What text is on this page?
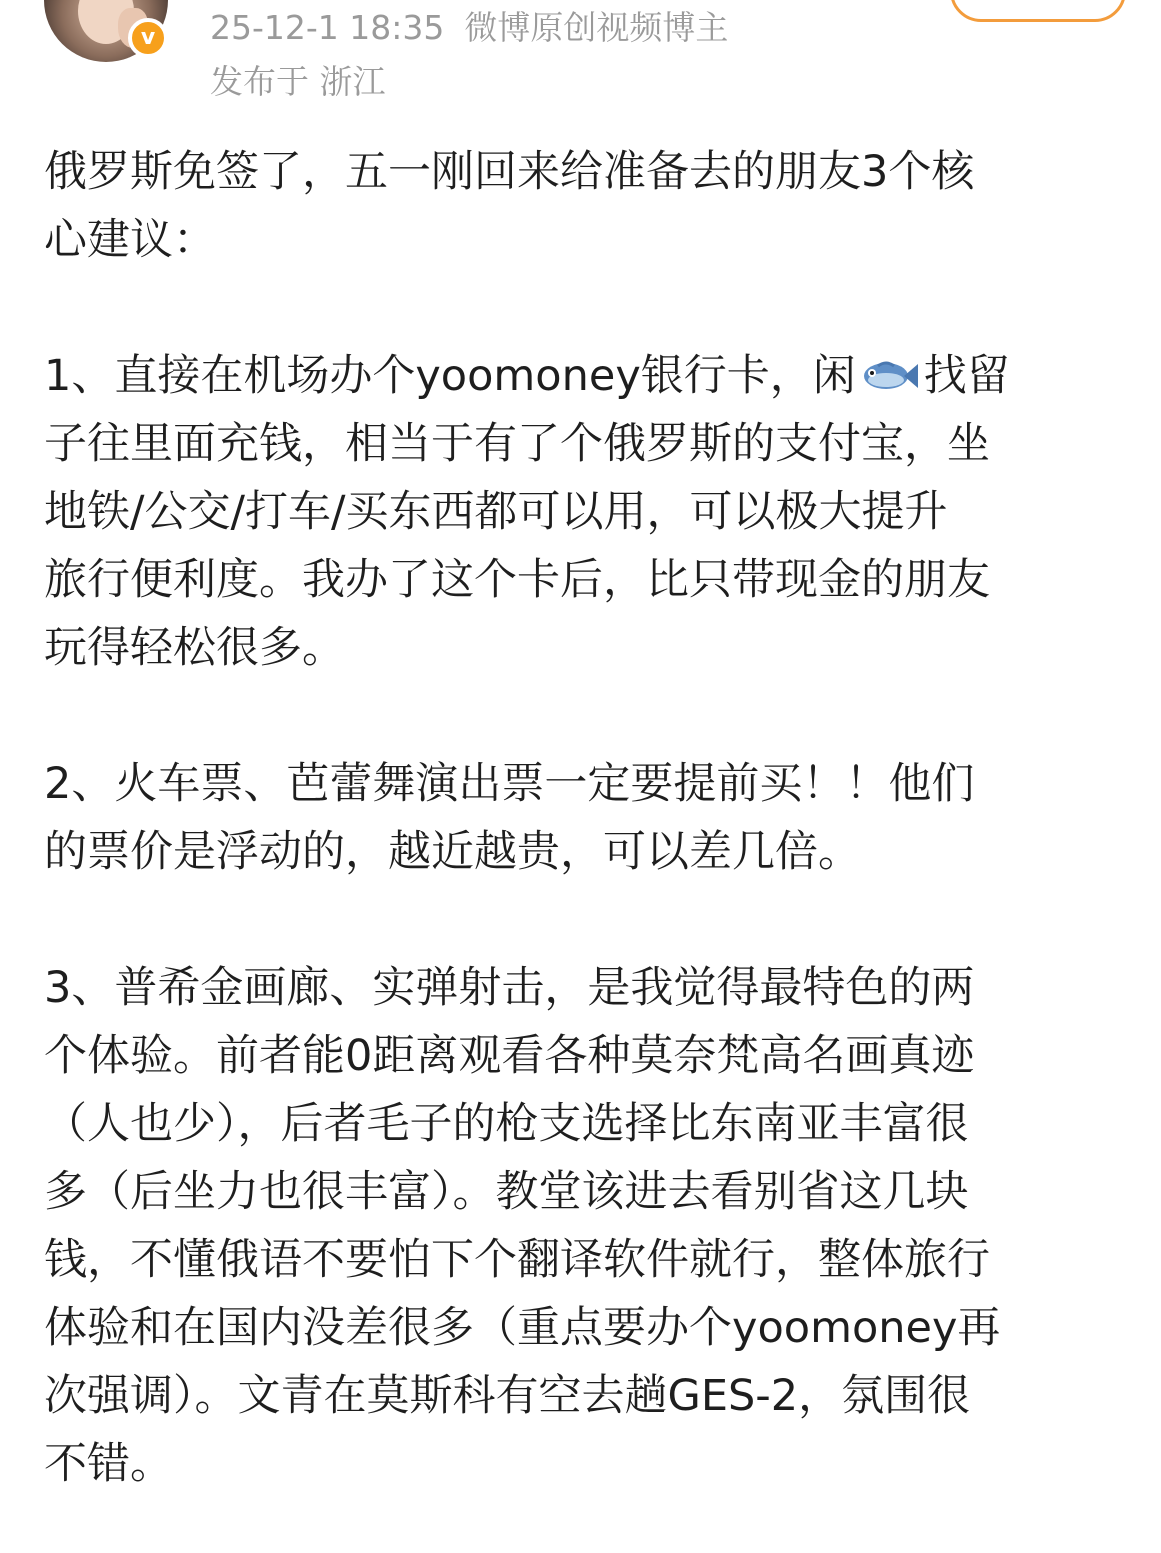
v	25-12-1 18:35 微博原创视频博主
发布于 浙江
俄罗斯免签了，五一刚回来给准备去的朋友3个核
心建议：
1、直接在机场办个yoomoney银行卡，闲 找留
子往里面充钱，相当于有了个俄罗斯的支付宝，坐
地铁/公交/打车/买东西都可以用，可以极大提升
旅行便利度。我办了这个卡后，比只带现金的朋友
玩得轻松很多。
2、火车票、芭蕾舞演出票一定要提前买！！他们
的票价是浮动的，越近越贵，可以差几倍。
3、普希金画廊、实弹射击，是我觉得最特色的两
个体验。前者能0距离观看各种莫奈梵高名画真迹
（人也少），后者毛子的枪支选择比东南亚丰富很
多（后坐力也很丰富）。教堂该进去看别省这几块
钱，不懂俄语不要怕下个翻译软件就行，整体旅行
体验和在国内没差很多（重点要办个yoomoney再
次强调）。文青在莫斯科有空去趟GES-2，氛围很
不错。
